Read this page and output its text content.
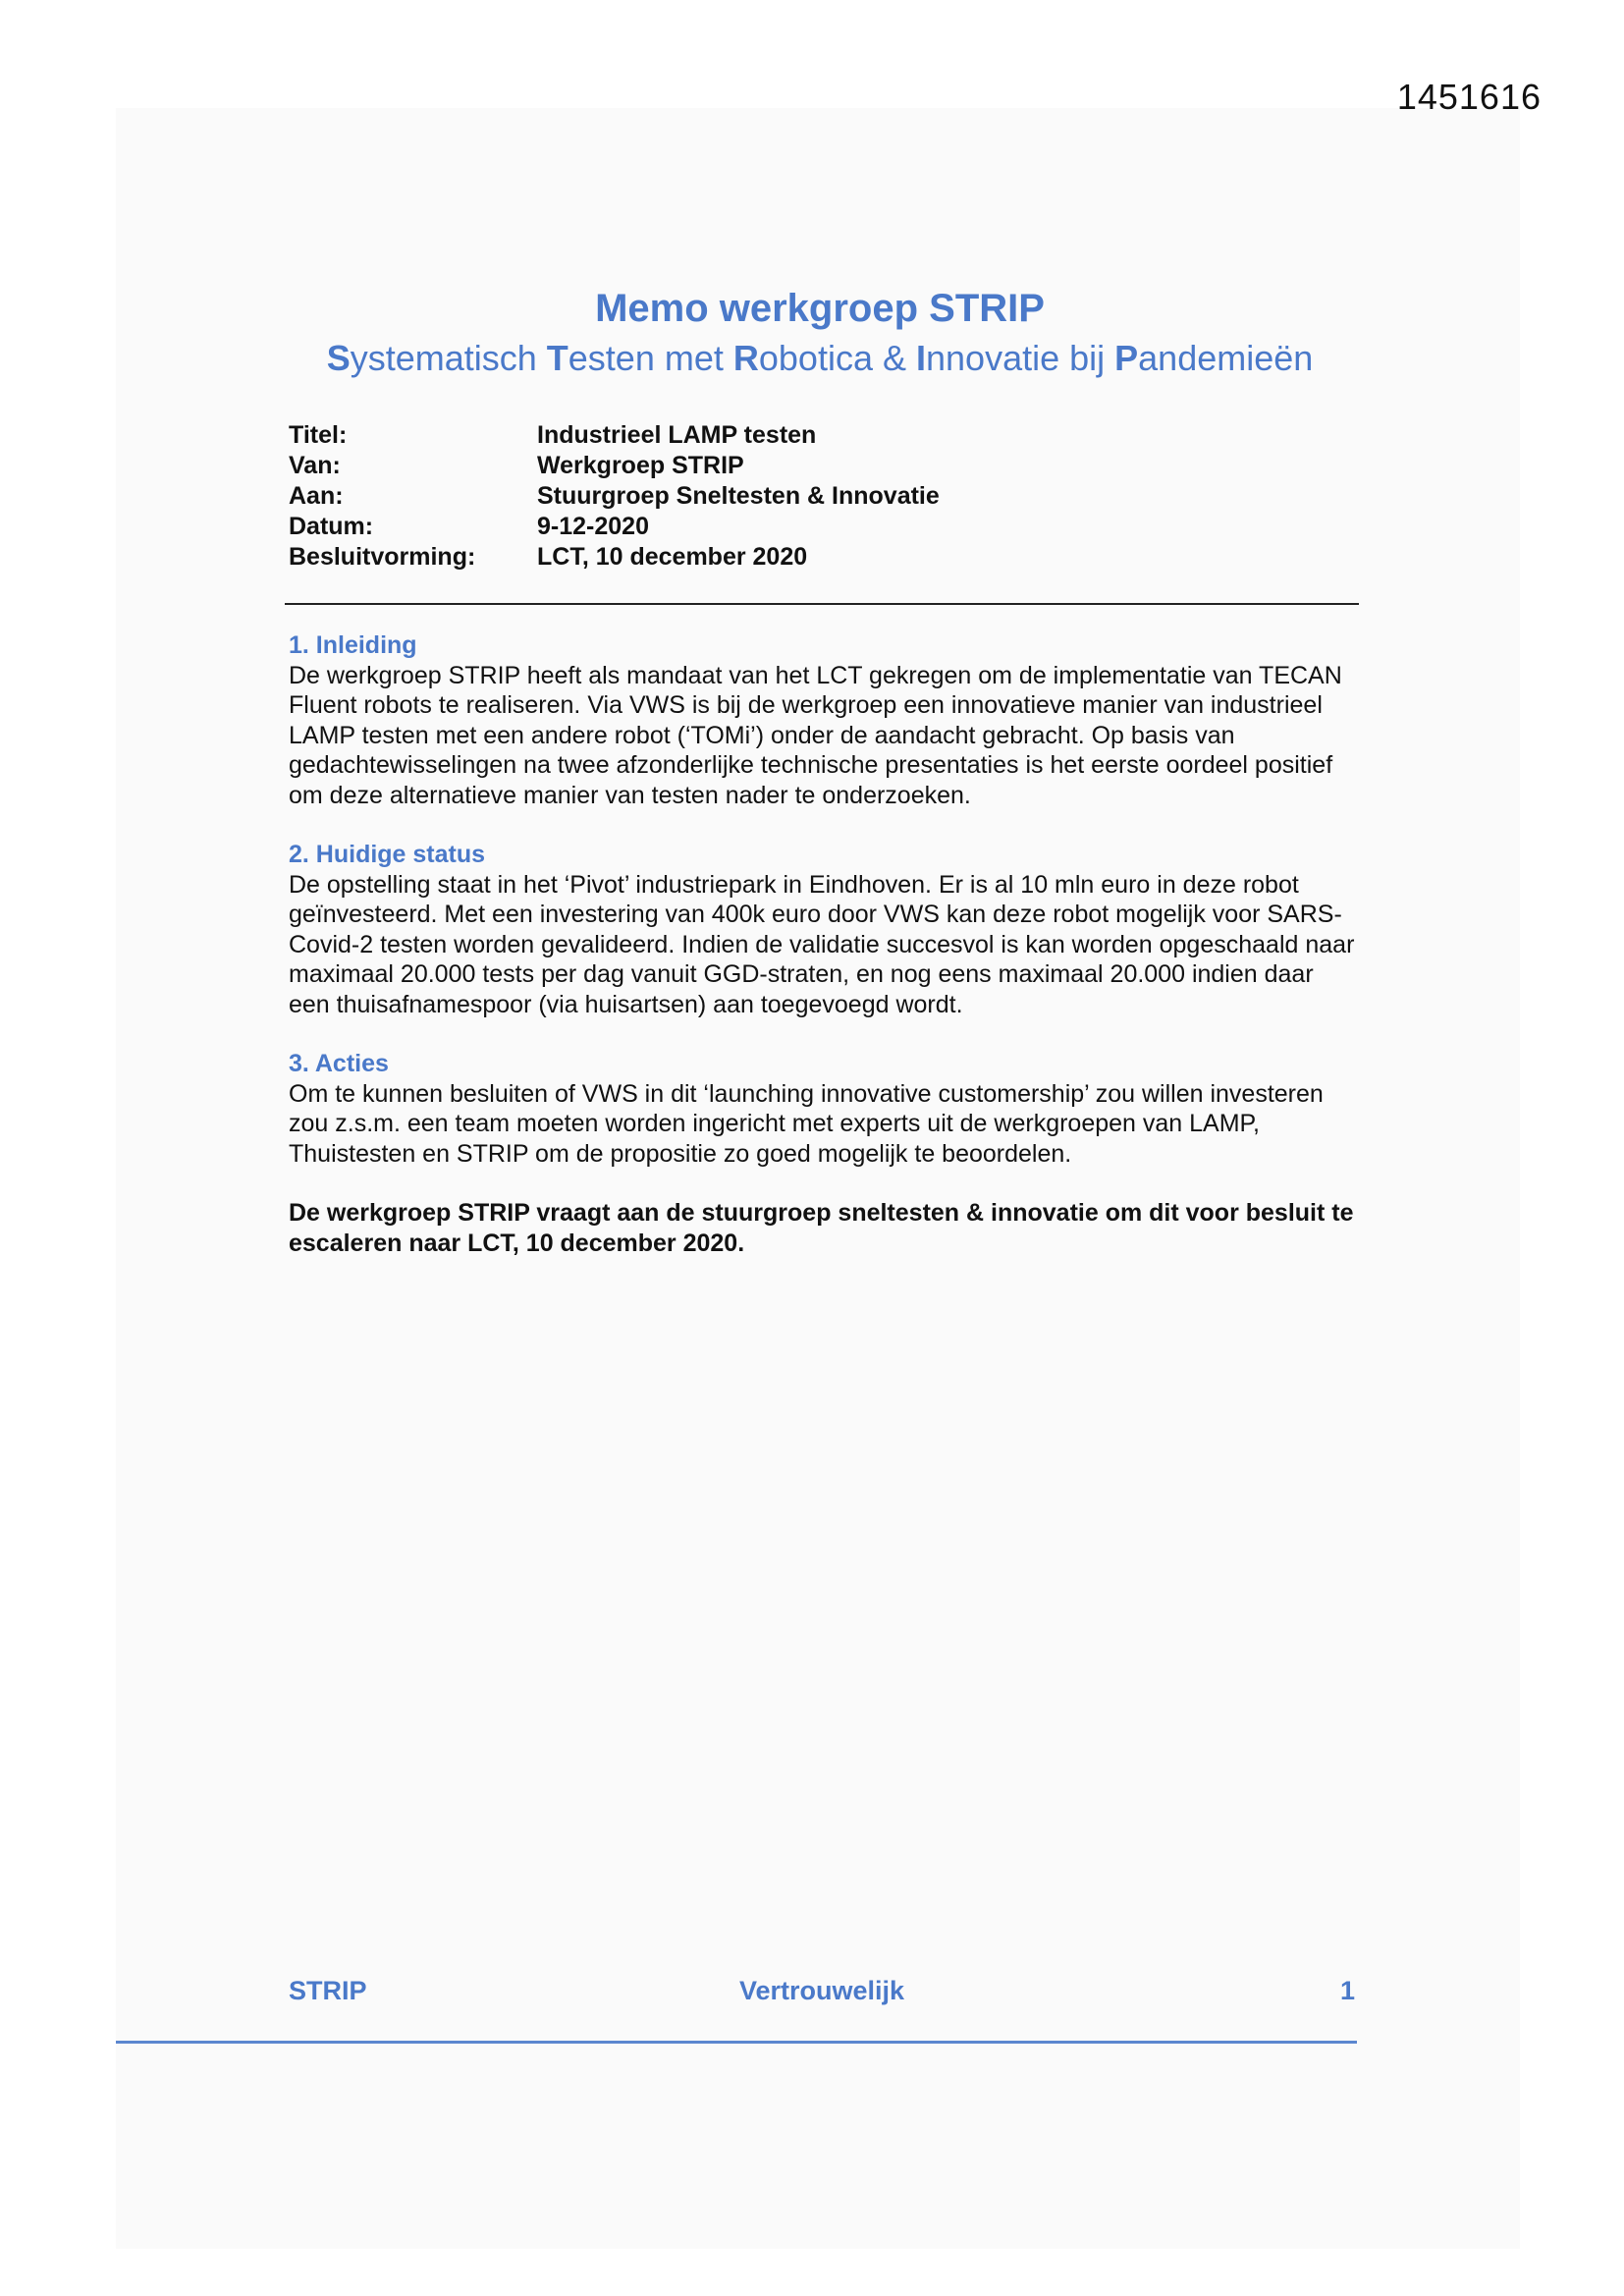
1451616
Memo werkgroep STRIP
Systematisch Testen met Robotica & Innovatie bij Pandemieën
Titel:	Industrieel LAMP testen
Van:	Werkgroep STRIP
Aan:	Stuurgroep Sneltesten & Innovatie
Datum:	9-12-2020
Besluitvorming:	LCT, 10 december 2020
1. Inleiding
De werkgroep STRIP heeft als mandaat van het LCT gekregen om de implementatie van TECAN Fluent robots te realiseren. Via VWS is bij de werkgroep een innovatieve manier van industrieel LAMP testen met een andere robot (‘TOMi’) onder de aandacht gebracht. Op basis van gedachtewisselingen na twee afzonderlijke technische presentaties is het eerste oordeel positief om deze alternatieve manier van testen nader te onderzoeken.
2. Huidige status
De opstelling staat in het ‘Pivot’ industriepark in Eindhoven. Er is al 10 mln euro in deze robot geïnvesteerd. Met een investering van 400k euro door VWS kan deze robot mogelijk voor SARS-Covid-2 testen worden gevalideerd. Indien de validatie succesvol is kan worden opgeschaald naar maximaal 20.000 tests per dag vanuit GGD-straten, en nog eens maximaal 20.000 indien daar een thuisafnamespoor (via huisartsen) aan toegevoegd wordt.
3. Acties
Om te kunnen besluiten of VWS in dit ‘launching innovative customership’ zou willen investeren zou z.s.m. een team moeten worden ingericht met experts uit de werkgroepen van LAMP, Thuistesten en STRIP om de propositie zo goed mogelijk te beoordelen.
De werkgroep STRIP vraagt aan de stuurgroep sneltesten & innovatie om dit voor besluit te escaleren naar LCT, 10 december 2020.
STRIP	Vertrouwelijk	1
